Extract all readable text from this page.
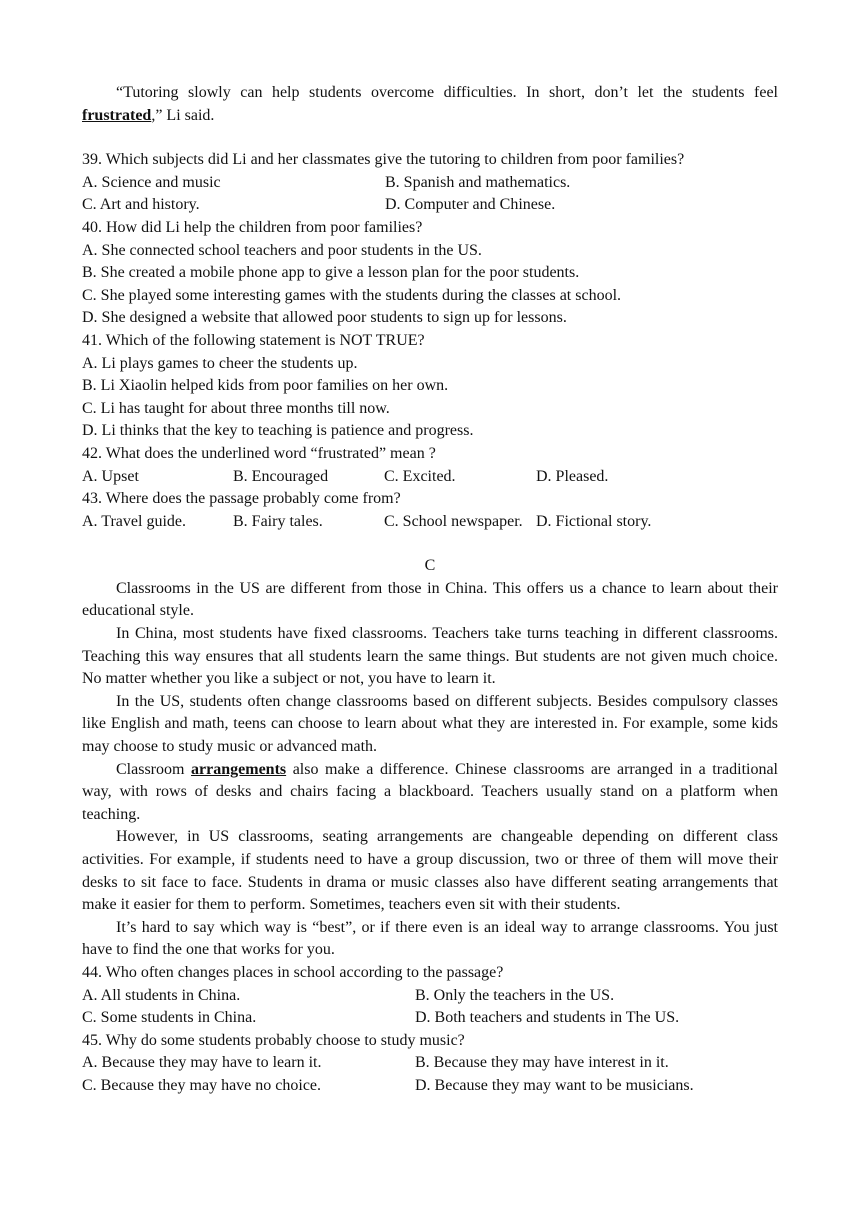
“Tutoring slowly can help students overcome difficulties. In short, don’t let the students feel frustrated,” Li said.

39. Which subjects did Li and her classmates give the tutoring to children from poor families?

A. Science and music	B. Spanish and mathematics.
C. Art and history.	D. Computer and Chinese.

40. How did Li help the children from poor families?

A. She connected school teachers and poor students in the US.

B. She created a mobile phone app to give a lesson plan for the poor students.

C. She played some interesting games with the students during the classes at school.

D. She designed a website that allowed poor students to sign up for lessons.

41. Which of the following statement is NOT TRUE?

A. Li plays games to cheer the students up.

B. Li Xiaolin helped kids from poor families on her own.

C. Li has taught for about three months till now.

D. Li thinks that the key to teaching is patience and progress.

42. What does the underlined word “frustrated” mean ?

A. Upset	B. Encouraged	C. Excited.	D. Pleased.

43. Where does the passage probably come from?

A. Travel guide.	B. Fairy tales.	C. School newspaper. D. Fictional story.

C

Classrooms in the US are different from those in China. This offers us a chance to learn about their educational style.

In China, most students have fixed classrooms. Teachers take turns teaching in different classrooms. Teaching this way ensures that all students learn the same things. But students are not given much choice. No matter whether you like a subject or not, you have to learn it.

In the US, students often change classrooms based on different subjects. Besides compulsory classes like English and math, teens can choose to learn about what they are interested in. For example, some kids may choose to study music or advanced math.

Classroom arrangements also make a difference. Chinese classrooms are arranged in a traditional way, with rows of desks and chairs facing a blackboard. Teachers usually stand on a platform when teaching.

However, in US classrooms, seating arrangements are changeable depending on different class activities. For example, if students need to have a group discussion, two or three of them will move their desks to sit face to face. Students in drama or music classes also have different seating arrangements that make it easier for them to perform. Sometimes, teachers even sit with their students.

It’s hard to say which way is “best”, or if there even is an ideal way to arrange classrooms. You just have to find the one that works for you.

44. Who often changes places in school according to the passage?

A. All students in China.	B. Only the teachers in the US.
C. Some students in China.	D. Both teachers and students in The US.

45. Why do some students probably choose to study music?

A. Because they may have to learn it.	B. Because they may have interest in it.
C. Because they may have no choice.	D. Because they may want to be musicians.
